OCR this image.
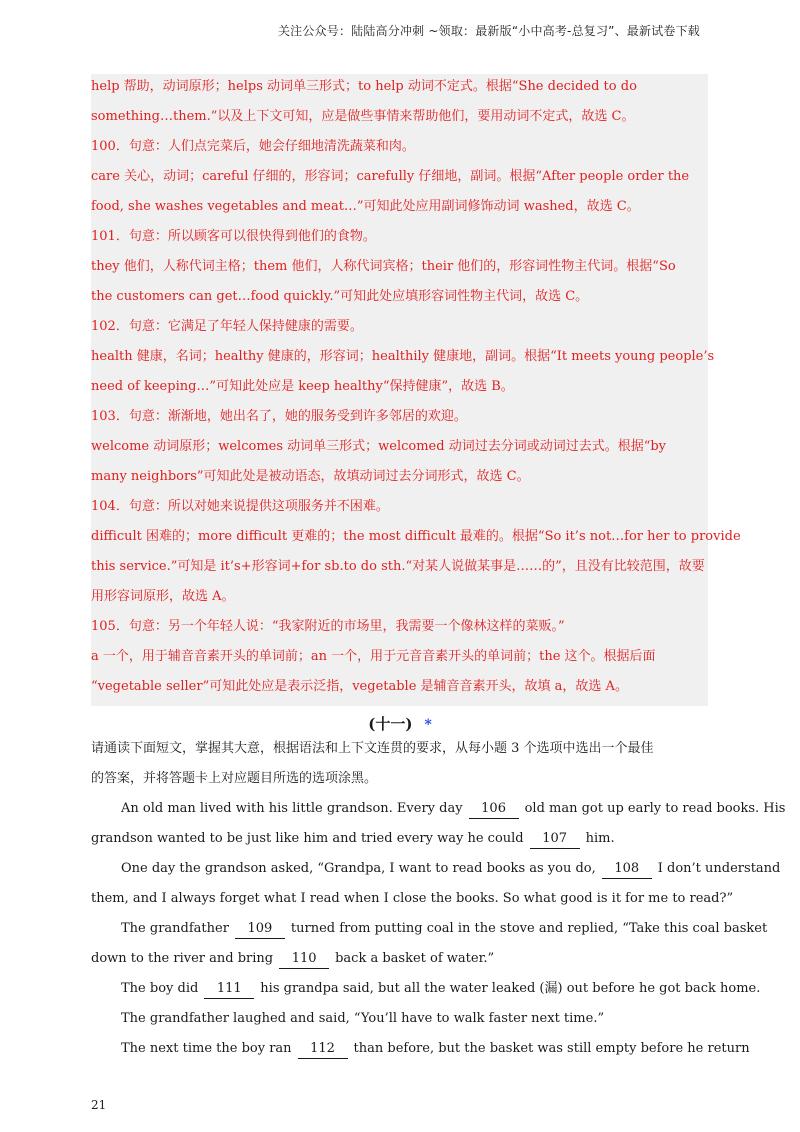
关注公众号：陆陆高分冲刺 ~领取：最新版“小中高考-总复习”、最新试卷下载
help 帮助，动词原形；helps 动词单三形式；to help 动词不定式。根据“She decided to do
something…them.”以及上下文可知，应是做些事情来帮助他们，要用动词不定式，故选 C。
100．句意：人们点完菜后，她会仔细地清洗蔬菜和肉。
care 关心，动词；careful 仔细的，形容词；carefully 仔细地，副词。根据“After people order the
food, she washes vegetables and meat…”可知此处应用副词修饰动词 washed，故选 C。
101．句意：所以顾客可以很快得到他们的食物。
they 他们，人称代词主格；them 他们，人称代词宾格；their 他们的，形容词性物主代词。根据“So
the customers can get…food quickly.”可知此处应填形容词性物主代词，故选 C。
102．句意：它满足了年轻人保持健康的需要。
health 健康，名词；healthy 健康的，形容词；healthily 健康地，副词。根据“It meets young people’s
need of keeping…”可知此处应是 keep healthy“保持健康”，故选 B。
103．句意：渐渐地，她出名了，她的服务受到许多邻居的欢迎。
welcome 动词原形；welcomes 动词单三形式；welcomed 动词过去分词或动词过去式。根据“by
many neighbors”可知此处是被动语态，故填动词过去分词形式，故选 C。
104．句意：所以对她来说提供这项服务并不困难。
difficult 困难的；more difficult 更难的；the most difficult 最难的。根据“So it’s not…for her to provide
this service.”可知是 it’s+形容词+for sb.to do sth.“对某人说做某事是……的”，且没有比较范围，故要
用形容词原形，故选 A。
105．句意：另一个年轻人说：“我家附近的市场里，我需要一个像林这样的菜贩。”
a 一个，用于辅音音素开头的单词前；an 一个，用于元音音素开头的单词前；the 这个。根据后面
“vegetable seller”可知此处应是表示泛指，vegetable 是辅音音素开头，故填 a，故选 A。
(十一) *
请通读下面短文，掌握其大意，根据语法和上下文连贯的要求，从每小题 3 个选项中选出一个最佳
的答案，并将答题卡上对应题目所选的选项涂黑。
An old man lived with his little grandson. Every day 106 old man got up early to read books. His
grandson wanted to be just like him and tried every way he could 107 him.
One day the grandson asked, “Grandpa, I want to read books as you do, 108 I don’t understand
them, and I always forget what I read when I close the books. So what good is it for me to read?”
The grandfather 109 turned from putting coal in the stove and replied, “Take this coal basket
down to the river and bring 110 back a basket of water.”
The boy did 111 his grandpa said, but all the water leaked (漏) out before he got back home.
The grandfather laughed and said, “You’ll have to walk faster next time.”
The next time the boy ran 112 than before, but the basket was still empty before he return
21
